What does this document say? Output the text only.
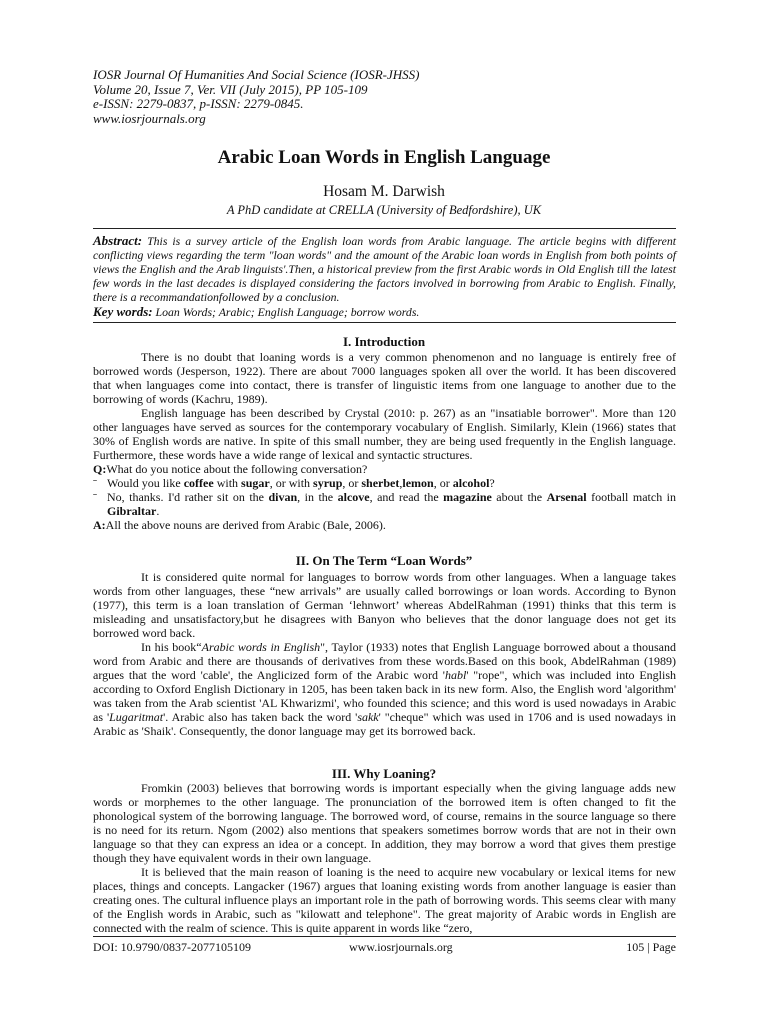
IOSR Journal Of Humanities And Social Science (IOSR-JHSS)
Volume 20, Issue 7, Ver. VII (July 2015), PP 105-109
e-ISSN: 2279-0837, p-ISSN: 2279-0845.
www.iosrjournals.org
Arabic Loan Words in English Language
Hosam M. Darwish
A PhD candidate at CRELLA (University of Bedfordshire), UK
Abstract: This is a survey article of the English loan words from Arabic language. The article begins with different conflicting views regarding the term "loan words" and the amount of the Arabic loan words in English from both points of views the English and the Arab linguists'.Then, a historical preview from the first Arabic words in Old English till the latest few words in the last decades is displayed considering the factors involved in borrowing from Arabic to English. Finally, there is a recommandationfollowed by a conclusion.
Key words: Loan Words; Arabic; English Language; borrow words.
I. Introduction

There is no doubt that loaning words is a very common phenomenon and no language is entirely free of borrowed words (Jesperson, 1922). There are about 7000 languages spoken all over the world. It has been discovered that when languages come into contact, there is transfer of linguistic items from one language to another due to the borrowing of words (Kachru, 1989).

English language has been described by Crystal (2010: p. 267) as an "insatiable borrower". More than 120 other languages have served as sources for the contemporary vocabulary of English. Similarly, Klein (1966) states that 30% of English words are native. In spite of this small number, they are being used frequently in the English language. Furthermore, these words have a wide range of lexical and syntactic structures.

Q:What do you notice about the following conversation?

ˉ Would you like coffee with sugar, or with syrup, or sherbet,lemon, or alcohol?

ˉ No, thanks. I'd rather sit on the divan, in the alcove, and read the magazine about the Arsenal football match in Gibraltar.

A:All the above nouns are derived from Arabic (Bale, 2006).

II. On The Term “Loan Words”

It is considered quite normal for languages to borrow words from other languages. When a language takes words from other languages, these “new arrivals” are usually called borrowings or loan words. According to Bynon (1977), this term is a loan translation of German ‘lehnwort’ whereas AbdelRahman (1991) thinks that this term is misleading and unsatisfactory,but he disagrees with Banyon who believes that the donor language does not get its borrowed word back.

In his book“Arabic words in English", Taylor (1933) notes that English Language borrowed about a thousand word from Arabic and there are thousands of derivatives from these words.Based on this book, AbdelRahman (1989) argues that the word 'cable', the Anglicized form of the Arabic word 'habl' "rope", which was included into English according to Oxford English Dictionary in 1205, has been taken back in its new form. Also, the English word 'algorithm' was taken from the Arab scientist 'AL Khwarizmi', who founded this science; and this word is used nowadays in Arabic as 'Lugaritmat'. Arabic also has taken back the word 'sakk' "cheque" which was used in 1706 and is used nowadays in Arabic as 'Shaik'. Consequently, the donor language may get its borrowed back.

III. Why Loaning?

Fromkin (2003) believes that borrowing words is important especially when the giving language adds new words or morphemes to the other language. The pronunciation of the borrowed item is often changed to fit the phonological system of the borrowing language. The borrowed word, of course, remains in the source language so there is no need for its return. Ngom (2002) also mentions that speakers sometimes borrow words that are not in their own language so that they can express an idea or a concept. In addition, they may borrow a word that gives them prestige though they have equivalent words in their own language.

It is believed that the main reason of loaning is the need to acquire new vocabulary or lexical items for new places, things and concepts. Langacker (1967) argues that loaning existing words from another language is easier than creating ones. The cultural influence plays an important role in the path of borrowing words. This seems clear with many of the English words in Arabic, such as "kilowatt and telephone". The great majority of Arabic words in English are connected with the realm of science. This is quite apparent in words like “zero,

DOI: 10.9790/0837-2077105109	www.iosrjournals.org	105 | Page
